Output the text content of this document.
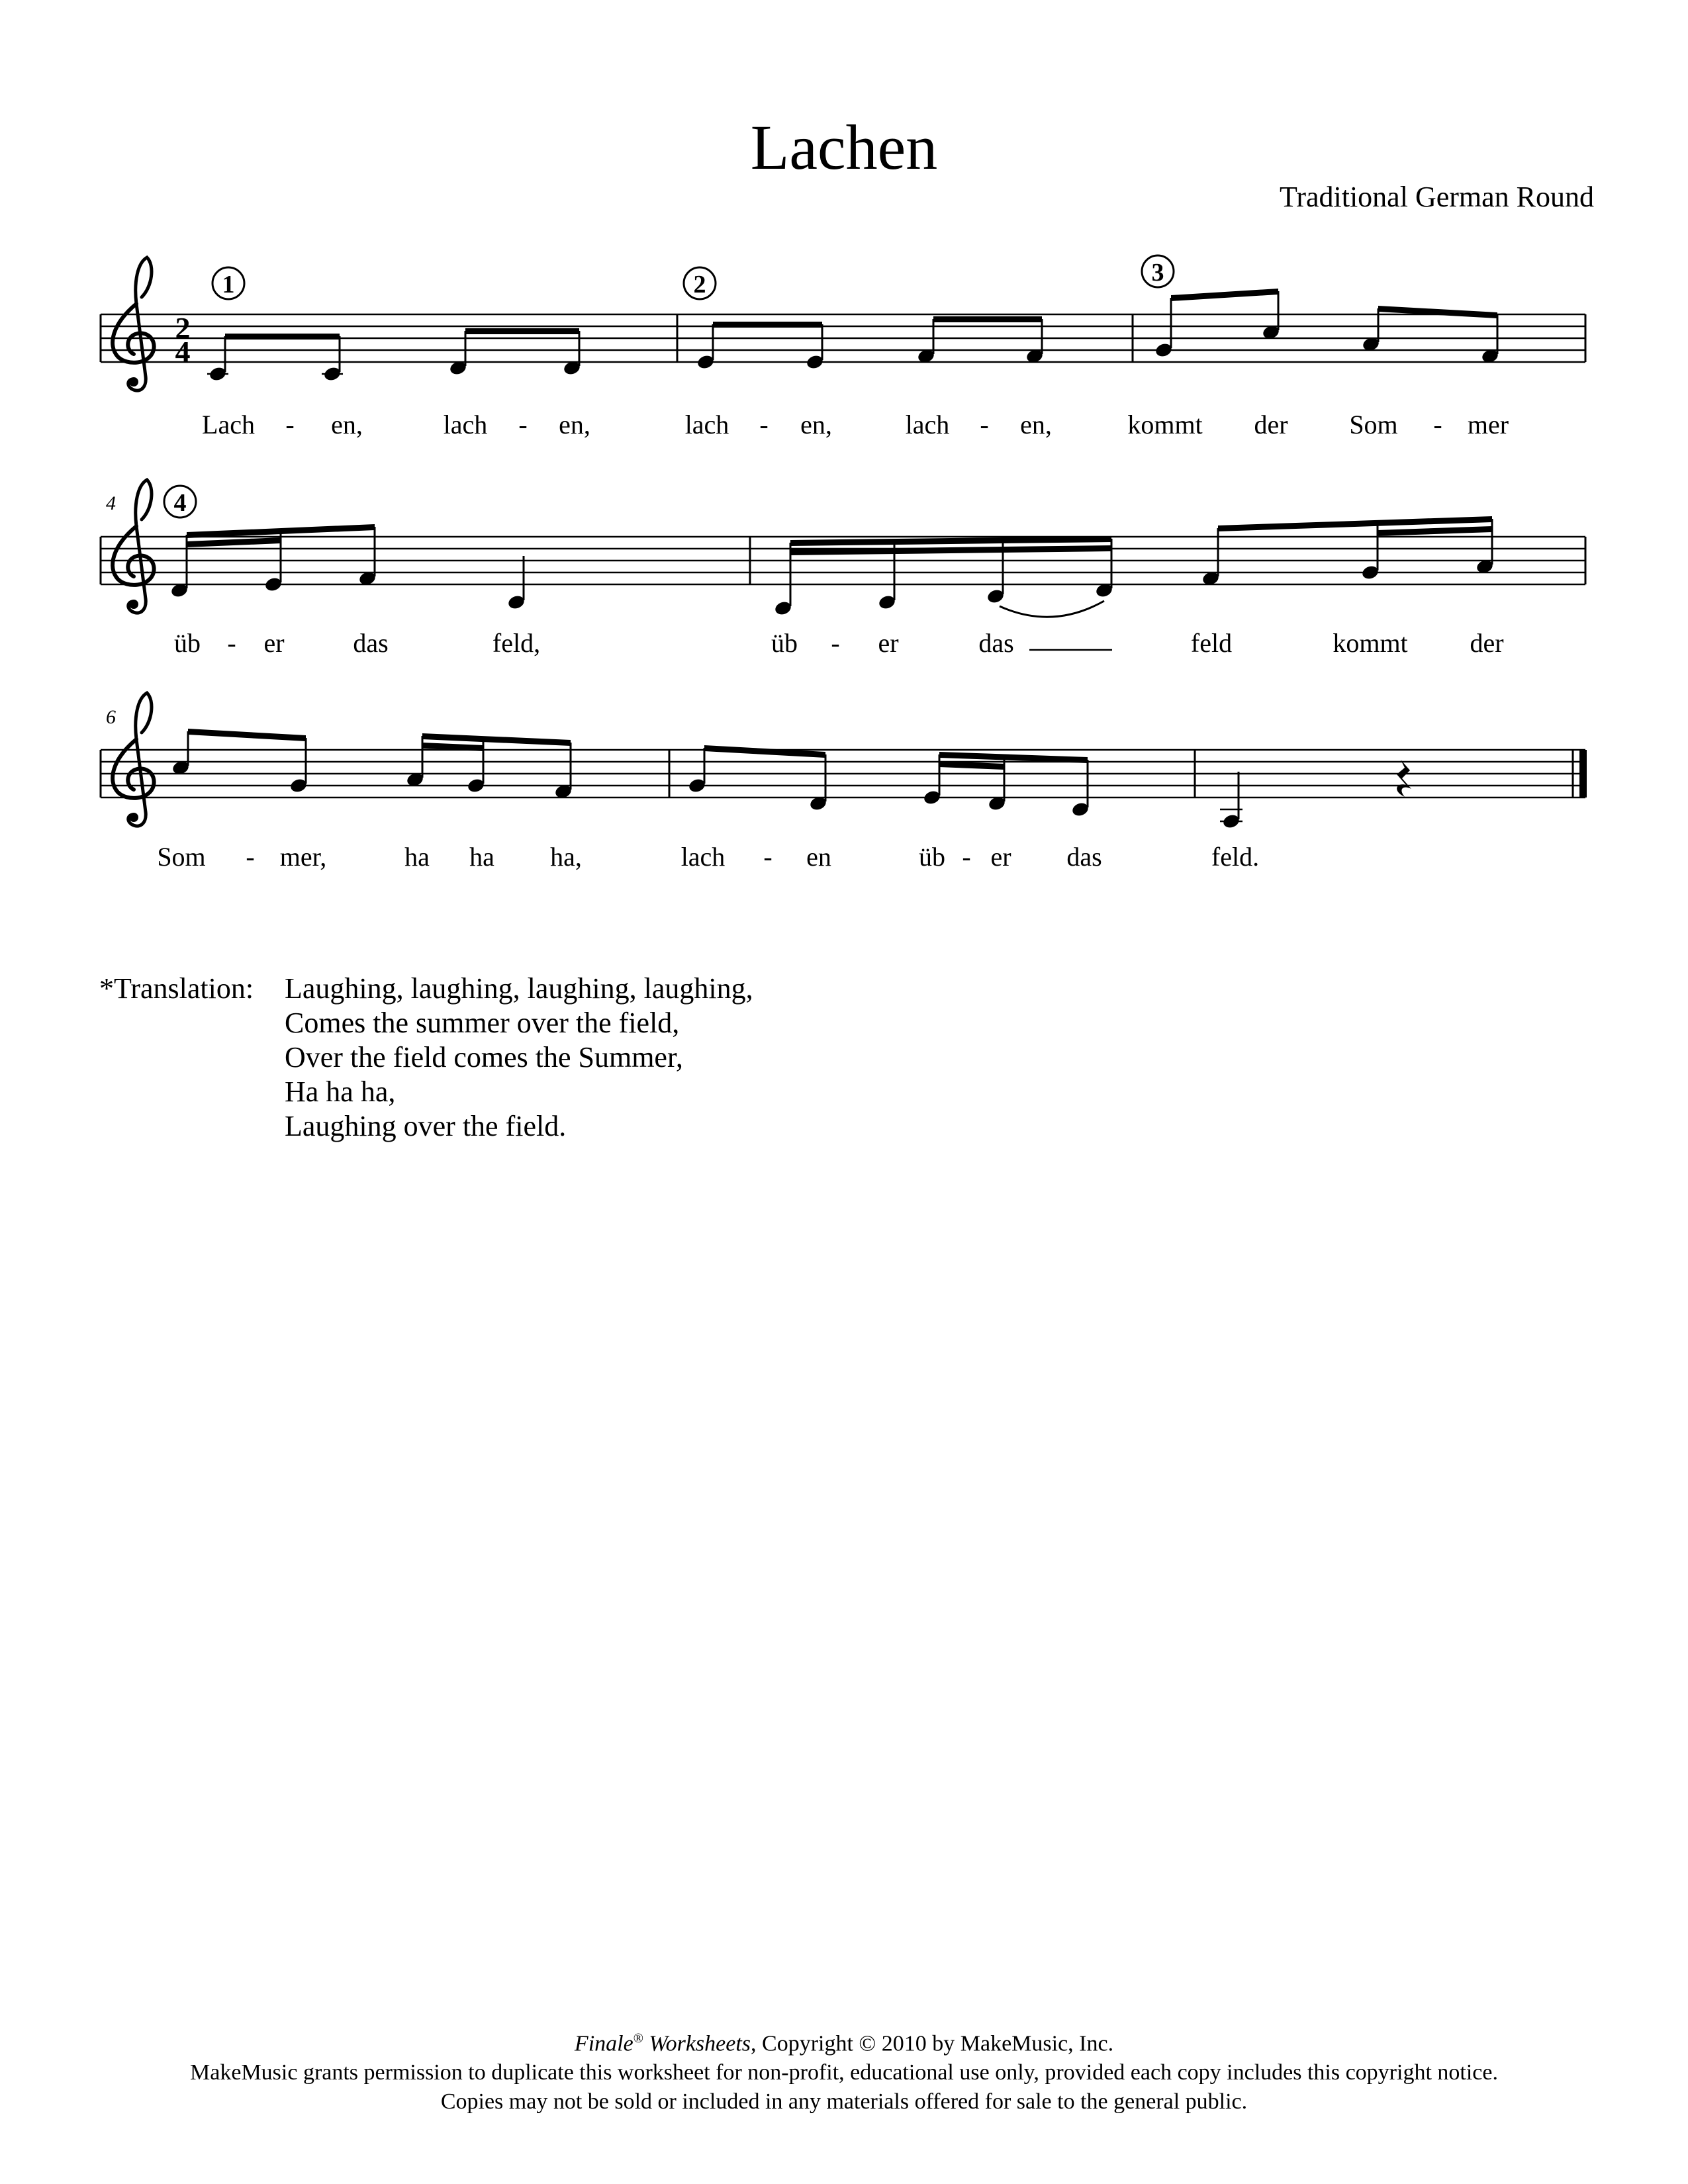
Lachen
Traditional German Round
2
4
1	2	3
Lach - en,	lach - en,	lach - en,	lach - en,	kommt der Som - mer
4 4
üb - er	das	feld,	üb - er	das	feld	kommt der
6
Som - mer,	ha ha ha,	lach - en	üb - er das	feld.
*Translation: Laughing, laughing, laughing, laughing,
Comes the summer over the field,
Over the field comes the Summer,
Ha ha ha,
Laughing over the field.
Finale® Worksheets, Copyright © 2010 by MakeMusic, Inc.
MakeMusic grants permission to duplicate this worksheet for non-profit, educational use only, provided each copy includes this copyright notice.
Copies may not be sold or included in any materials offered for sale to the general public.
